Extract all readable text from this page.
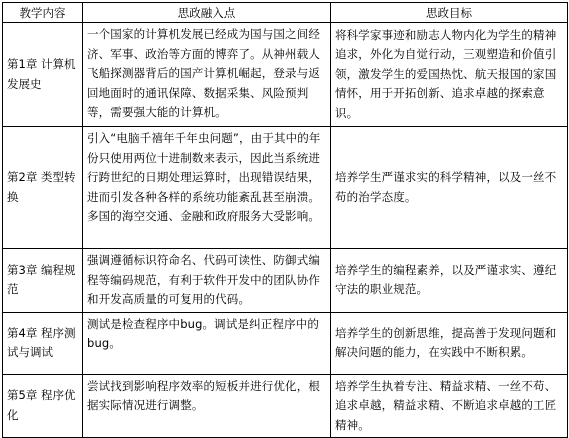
教学内容	思政融入点	思政目标
第1章 计算机发展史	一个国家的计算机发展已经成为国与国之间经济、军事、政治等方面的博弈了。从神州载人飞船探测器背后的国产计算机崛起，登录与返回地面时的通讯保障、数据采集、风险预判等，需要强大能的计算机。	将科学家事迹和励志人物内化为学生的精神追求，外化为自觉行动，三观塑造和价值引领，激发学生的爱国热忱、航天报国的家国情怀，用于开拓创新、追求卓越的探索意识。
第2章 类型转换	引入“电脑千禧年千年虫问题”，由于其中的年份只使用两位十进制数来表示，因此当系统进行跨世纪的日期处理运算时，出现错误结果，进而引发各种各样的系统功能紊乱甚至崩溃。多国的海空交通、金融和政府服务大受影响。	培养学生严谨求实的科学精神，以及一丝不苟的治学态度。
第3章 编程规范	强调遵循标识符命名、代码可读性、防御式编程等编码规范，有利于软件开发中的团队协作和开发高质量的可复用的代码。	培养学生的编程素养，以及严谨求实、遵纪守法的职业规范。
第4章 程序测试与调试	测试是检查程序中bug。调试是纠正程序中的bug。	培养学生的创新思维，提高善于发现问题和解决问题的能力，在实践中不断积累。
第5章 程序优化	尝试找到影响程序效率的短板并进行优化，根据实际情况进行调整。	培养学生执着专注、精益求精、一丝不苟、追求卓越，精益求精、不断追求卓越的工匠精神。
